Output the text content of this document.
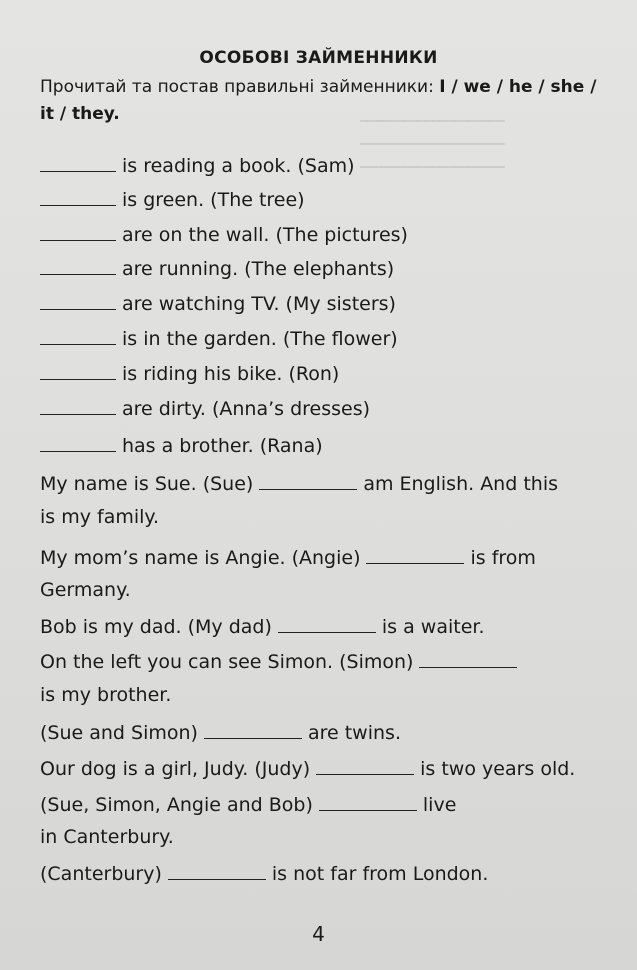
━━━━━━━━━━━━━━━━━━━━
━━━━━━━━━━━━━━━━━━━━
━━━━━━━━━━━━━━━━━━━━
ОСОБОВІ ЗАЙМЕННИКИ
Прочитай та постав правильні займенники: I / we / he / she /
it / they.
is reading a book. (Sam)
is green. (The tree)
are on the wall. (The pictures)
are running. (The elephants)
are watching TV. (My sisters)
is in the garden. (The flower)
is riding his bike. (Ron)
are dirty. (Anna’s dresses)
has a brother. (Rana)
My name is Sue. (Sue)	am English. And this
is my family.
My mom’s name is Angie. (Angie)	is from
Germany.
Bob is my dad. (My dad)	is a waiter.
On the left you can see Simon. (Simon)
is my brother.
(Sue and Simon)	are twins.
Our dog is a girl, Judy. (Judy)	is two years old.
(Sue, Simon, Angie and Bob)	live
in Canterbury.
(Canterbury)	is not far from London.
4
